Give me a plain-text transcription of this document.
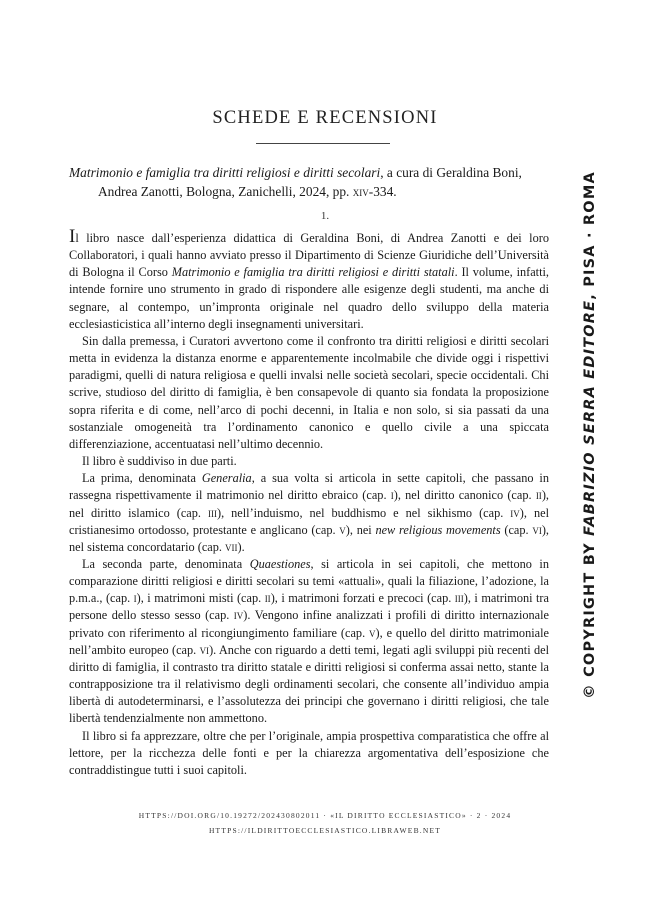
SCHEDE E RECENSIONI
Matrimonio e famiglia tra diritti religiosi e diritti secolari, a cura di Geraldina Boni,
Andrea Zanotti, Bologna, Zanichelli, 2024, pp. xiv-334.
1.

Il libro nasce dall’esperienza didattica di Geraldina Boni, di Andrea Zanotti e dei loro Collaboratori, i quali hanno avviato presso il Dipartimento di Scienze Giuridiche dell’Università di Bologna il Corso Matrimonio e famiglia tra diritti religiosi e diritti statali. Il volume, infatti, intende fornire uno strumento in grado di rispondere alle esigenze degli studenti, ma anche di segnare, al contempo, un’impronta originale nel quadro dello sviluppo della materia ecclesiasticistica all’interno degli insegnamenti universitari.

Sin dalla premessa, i Curatori avvertono come il confronto tra diritti religiosi e diritti secolari metta in evidenza la distanza enorme e apparentemente incolmabile che divide oggi i rispettivi paradigmi, quelli di natura religiosa e quelli invalsi nelle società secolari, specie occidentali. Chi scrive, studioso del diritto di famiglia, è ben consapevole di quanto sia fondata la proposizione sopra riferita e di come, nell’arco di pochi decenni, in Italia e non solo, si sia passati da una sostanziale omogeneità tra l’ordinamento canonico e quello civile a una spiccata differenziazione, accentuatasi nell’ultimo decennio.

Il libro è suddiviso in due parti.

La prima, denominata Generalia, a sua volta si articola in sette capitoli, che passano in rassegna rispettivamente il matrimonio nel diritto ebraico (cap. i), nel diritto canonico (cap. ii), nel diritto islamico (cap. iii), nell’induismo, nel buddhismo e nel sikhismo (cap. iv), nel cristianesimo ortodosso, protestante e anglicano (cap. v), nei new religious movements (cap. vi), nel sistema concordatario (cap. vii).

La seconda parte, denominata Quaestiones, si articola in sei capitoli, che mettono in comparazione diritti religiosi e diritti secolari su temi «attuali», quali la filiazione, l’adozione, la p.m.a., (cap. i), i matrimoni misti (cap. ii), i matrimoni forzati e precoci (cap. iii), i matrimoni tra persone dello stesso sesso (cap. iv). Vengono infine analizzati i profili di diritto internazionale privato con riferimento al ricongiungimento familiare (cap. v), e quello del diritto matrimoniale nell’ambito europeo (cap. vi). Anche con riguardo a detti temi, legati agli sviluppi più recenti del diritto di famiglia, il contrasto tra diritto statale e diritti religiosi si conferma assai netto, stante la contrapposizione tra il relativismo degli ordinamenti secolari, che consente all’individuo ampia libertà di autodeterminarsi, e l’assolutezza dei principi che governano i diritti religiosi, che tale libertà tendenzialmente non ammettono.

Il libro si fa apprezzare, oltre che per l’originale, ampia prospettiva comparatistica che offre al lettore, per la ricchezza delle fonti e per la chiarezza argomentativa dell’esposizione che contraddistingue tutti i suoi capitoli.

© COPYRIGHT BY FABRIZIO SERRA EDITORE, PISA · ROMA
HTTPS://DOI.ORG/10.19272/202430802011 · «IL DIRITTO ECCLESIASTICO» · 2 · 2024
HTTPS://ILDIRITTOECCLESIASTICO.LIBRAWEB.NET
